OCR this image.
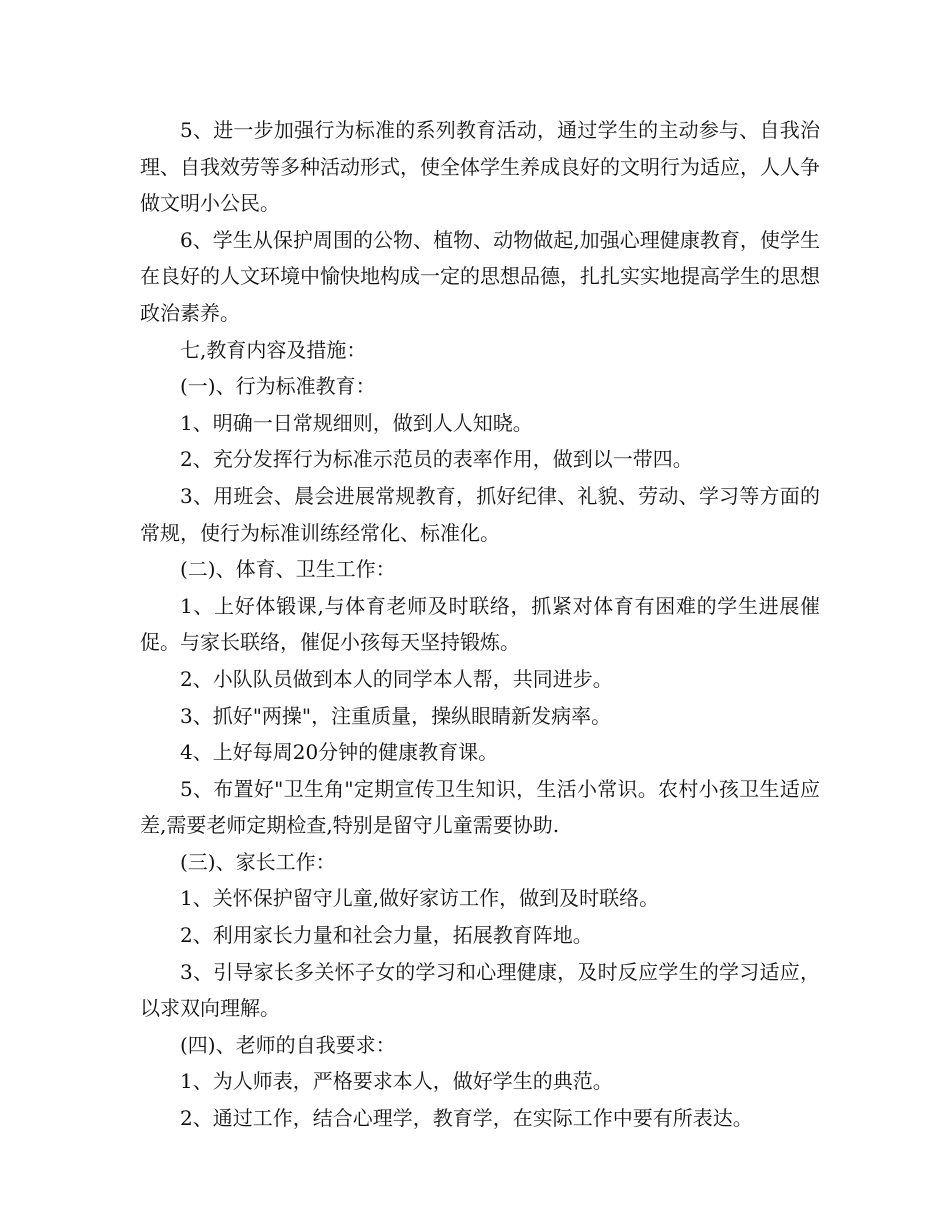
5、进一步加强行为标准的系列教育活动，通过学生的主动参与、自我治理、自我效劳等多种活动形式，使全体学生养成良好的文明行为适应，人人争做文明小公民。

6、学生从保护周围的公物、植物、动物做起,加强心理健康教育，使学生在良好的人文环境中愉快地构成一定的思想品德，扎扎实实地提高学生的思想政治素养。

七,教育内容及措施：

(一)、行为标准教育：

1、明确一日常规细则，做到人人知晓。

2、充分发挥行为标准示范员的表率作用，做到以一带四。

3、用班会、晨会进展常规教育，抓好纪律、礼貌、劳动、学习等方面的常规，使行为标准训练经常化、标准化。

(二)、体育、卫生工作：

1、上好体锻课,与体育老师及时联络，抓紧对体育有困难的学生进展催促。与家长联络，催促小孩每天坚持锻炼。

2、小队队员做到本人的同学本人帮，共同进步。

3、抓好"两操"，注重质量，操纵眼睛新发病率。

4、上好每周20分钟的健康教育课。

5、布置好"卫生角"定期宣传卫生知识，生活小常识。农村小孩卫生适应差,需要老师定期检查,特别是留守儿童需要协助.

(三)、家长工作：

1、关怀保护留守儿童,做好家访工作，做到及时联络。

2、利用家长力量和社会力量，拓展教育阵地。

3、引导家长多关怀子女的学习和心理健康，及时反应学生的学习适应，以求双向理解。

(四)、老师的自我要求：

1、为人师表，严格要求本人，做好学生的典范。

2、通过工作，结合心理学，教育学，在实际工作中要有所表达。
